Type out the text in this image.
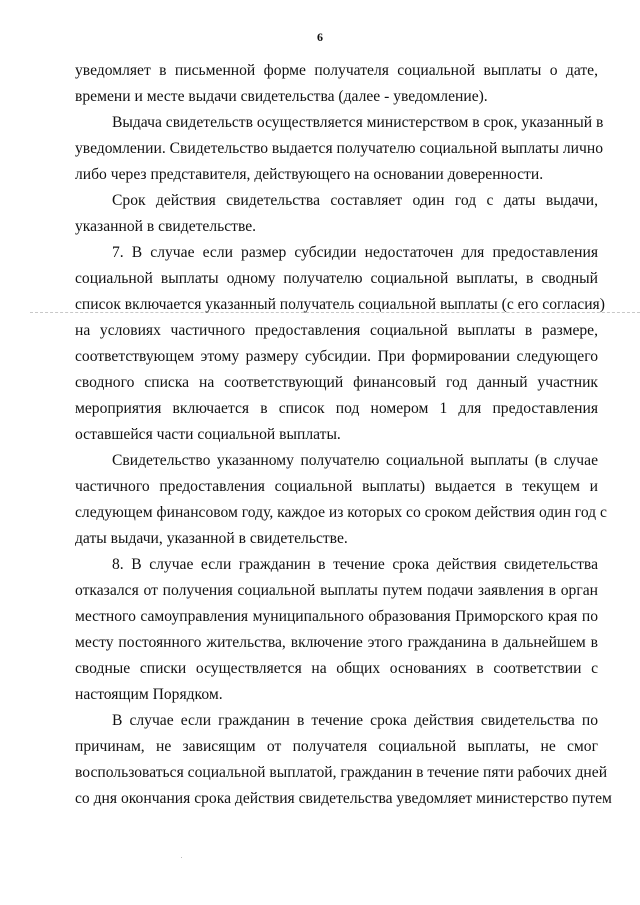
6
уведомляет в письменной форме получателя социальной выплаты о дате,
времени и месте выдачи свидетельства (далее - уведомление).
Выдача свидетельств осуществляется министерством в срок, указанный в
уведомлении. Свидетельство выдается получателю социальной выплаты лично
либо через представителя, действующего на основании доверенности.
Срок действия свидетельства составляет один год с даты выдачи,
указанной в свидетельстве.
7. В случае если размер субсидии недостаточен для предоставления
социальной выплаты одному получателю социальной выплаты, в сводный
список включается указанный получатель социальной выплаты (с его согласия)
на условиях частичного предоставления социальной выплаты в размере,
соответствующем этому размеру субсидии. При формировании следующего
сводного списка на соответствующий финансовый год данный участник
мероприятия включается в список под номером 1 для предоставления
оставшейся части социальной выплаты.
Свидетельство указанному получателю социальной выплаты (в случае
частичного предоставления социальной выплаты) выдается в текущем и
следующем финансовом году, каждое из которых со сроком действия один год с
даты выдачи, указанной в свидетельстве.
8. В случае если гражданин в течение срока действия свидетельства
отказался от получения социальной выплаты путем подачи заявления в орган
местного самоуправления муниципального образования Приморского края по
месту постоянного жительства, включение этого гражданина в дальнейшем в
сводные списки осуществляется на общих основаниях в соответствии с
настоящим Порядком.
В случае если гражданин в течение срока действия свидетельства по
причинам, не зависящим от получателя социальной выплаты, не смог
воспользоваться социальной выплатой, гражданин в течение пяти рабочих дней
со дня окончания срока действия свидетельства уведомляет министерство путем
